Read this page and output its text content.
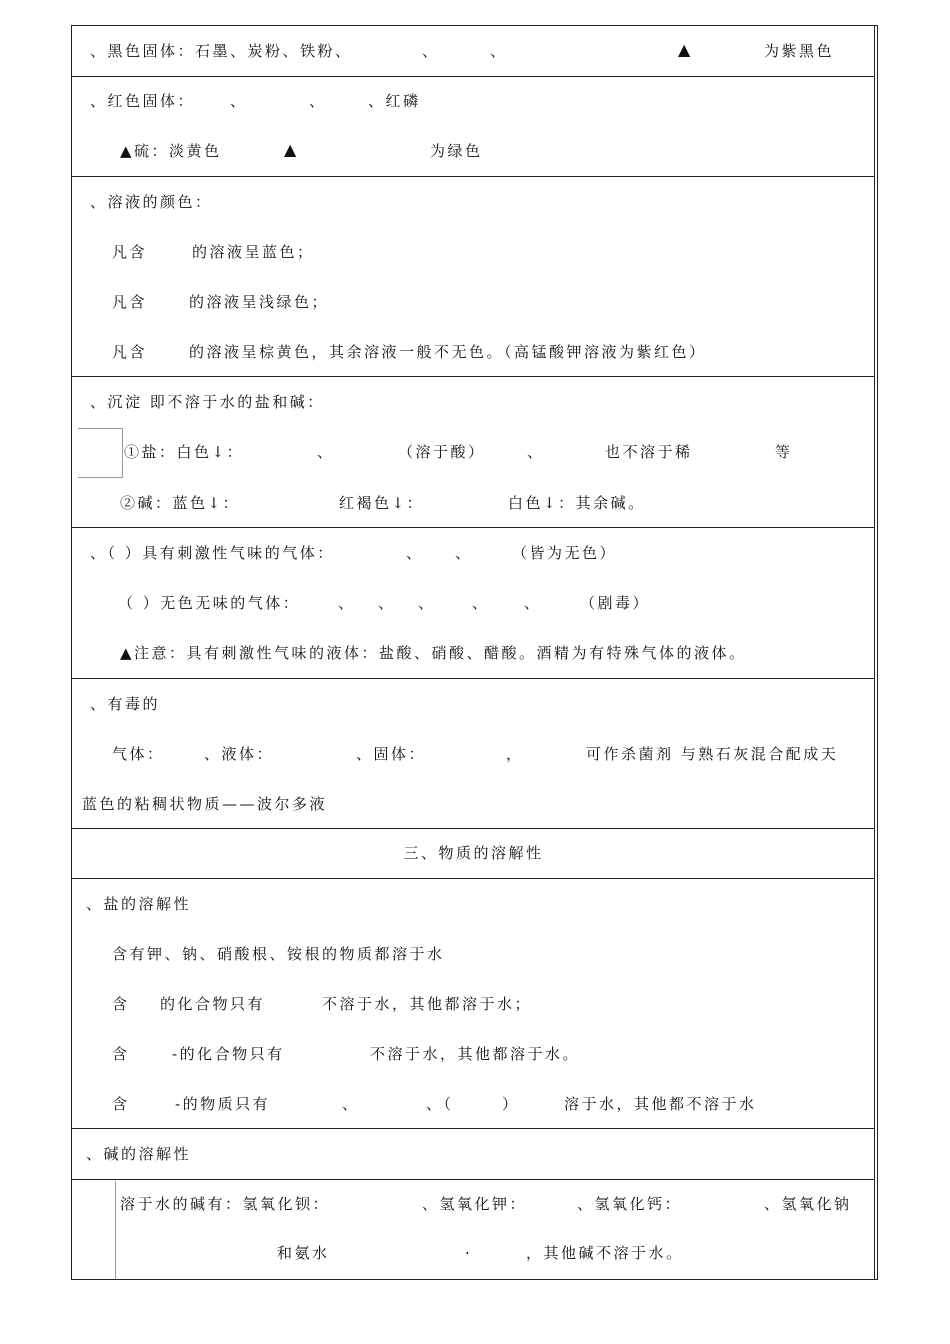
、黑色固体：石墨、炭粉、铁粉、	、	、	▲	为紫黑色
、红色固体： 、	、	、红磷
▲硫：淡黄色	▲	为绿色
、溶液的颜色：
凡含	的溶液呈蓝色；
凡含	的溶液呈浅绿色；
凡含	的溶液呈棕黄色，其余溶液一般不无色。（高锰酸钾溶液为紫红色）
、沉淀 即不溶于水的盐和碱：
①盐：白色↓：	、	（溶于酸）	、	也不溶于稀	等
②碱：蓝色↓：	红褐色↓：	白色↓：其余碱。
、（ ）具有刺激性气味的气体：	、 、	（皆为无色）
（ ）无色无味的气体：	、 、 、 、 、	（剧毒）
▲注意：具有刺激性气味的液体：盐酸、硝酸、醋酸。酒精为有特殊气体的液体。
、有毒的
气体：	、液体：	、固体：	，	可作杀菌剂 与熟石灰混合配成天
蓝色的粘稠状物质——波尔多液
三、物质的溶解性
、盐的溶解性
含有钾、钠、硝酸根、铵根的物质都溶于水
含 的化合物只有	不溶于水，其他都溶于水；
含	-的化合物只有	不溶于水，其他都溶于水。
含	-的物质只有	、	、（	）	溶于水，其他都不溶于水
、碱的溶解性
溶于水的碱有：氢氧化钡：	、氢氧化钾：	、氢氧化钙：	、氢氧化钠
和氨水	·	，其他碱不溶于水。
